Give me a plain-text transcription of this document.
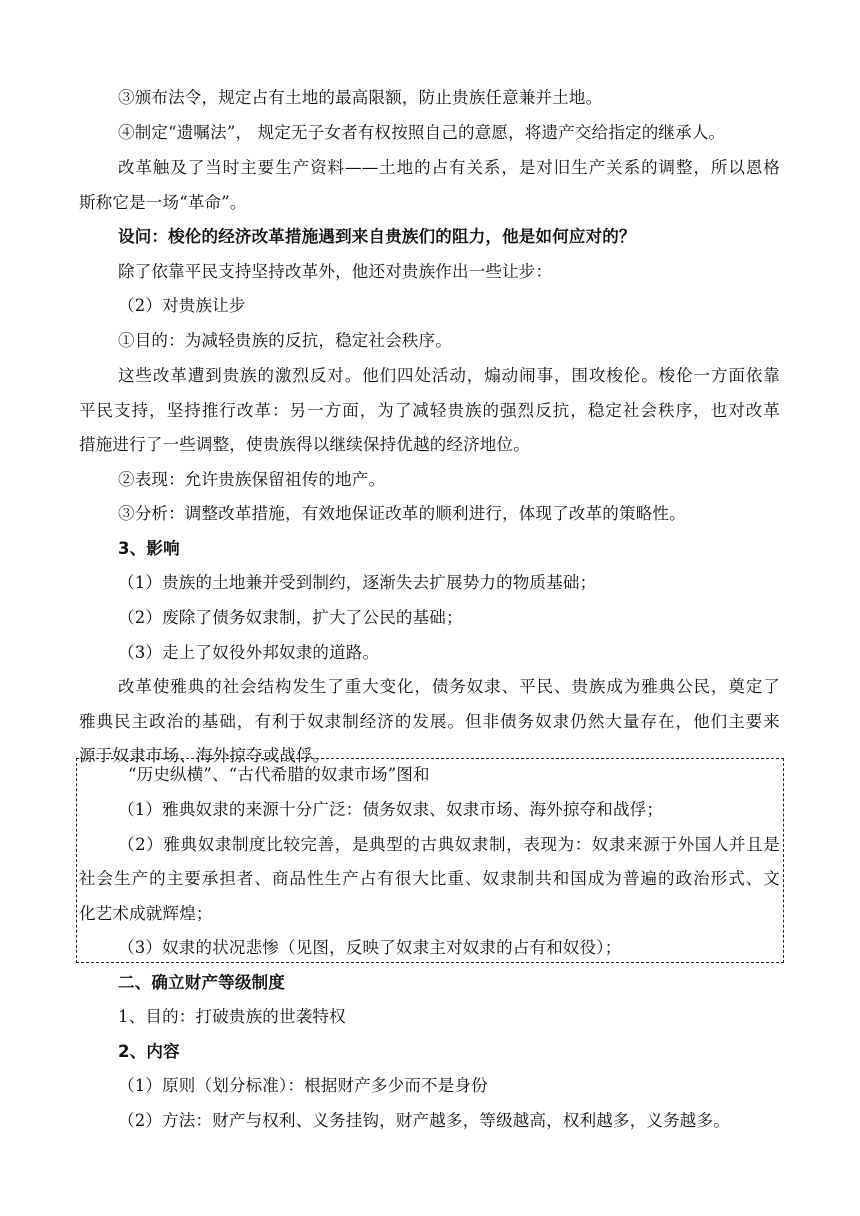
③颁布法令，规定占有土地的最高限额，防止贵族任意兼并土地。
④制定“遗嘱法”， 规定无子女者有权按照自己的意愿，将遗产交给指定的继承人。
改革触及了当时主要生产资料——土地的占有关系，是对旧生产关系的调整，所以恩格
斯称它是一场“革命”。
设问：梭伦的经济改革措施遇到来自贵族们的阻力，他是如何应对的？
除了依靠平民支持坚持改革外，他还对贵族作出一些让步：
（2）对贵族让步
①目的：为减轻贵族的反抗，稳定社会秩序。
这些改革遭到贵族的激烈反对。他们四处活动，煽动闹事，围攻梭伦。梭伦一方面依靠
平民支持，坚持推行改革：另一方面，为了减轻贵族的强烈反抗，稳定社会秩序，也对改革
措施进行了一些调整，使贵族得以继续保持优越的经济地位。
②表现：允许贵族保留祖传的地产。
③分析：调整改革措施，有效地保证改革的顺利进行，体现了改革的策略性。
3、影响
（1）贵族的土地兼并受到制约，逐渐失去扩展势力的物质基础；
（2）废除了债务奴隶制，扩大了公民的基础；
（3）走上了奴役外邦奴隶的道路。
改革使雅典的社会结构发生了重大变化，债务奴隶、平民、贵族成为雅典公民，奠定了
雅典民主政治的基础，有利于奴隶制经济的发展。但非债务奴隶仍然大量存在，他们主要来
源于奴隶市场、海外掠夺或战俘。
“历史纵横”、“古代希腊的奴隶市场”图和
（1）雅典奴隶的来源十分广泛：债务奴隶、奴隶市场、海外掠夺和战俘；
（2）雅典奴隶制度比较完善，是典型的古典奴隶制，表现为：奴隶来源于外国人并且是
社会生产的主要承担者、商品性生产占有很大比重、奴隶制共和国成为普遍的政治形式、文
化艺术成就辉煌；
（3）奴隶的状况悲惨（见图，反映了奴隶主对奴隶的占有和奴役）；
二、确立财产等级制度
1、目的：打破贵族的世袭特权
2、内容
（1）原则（划分标准）：根据财产多少而不是身份
（2）方法：财产与权利、义务挂钩，财产越多，等级越高，权利越多，义务越多。
